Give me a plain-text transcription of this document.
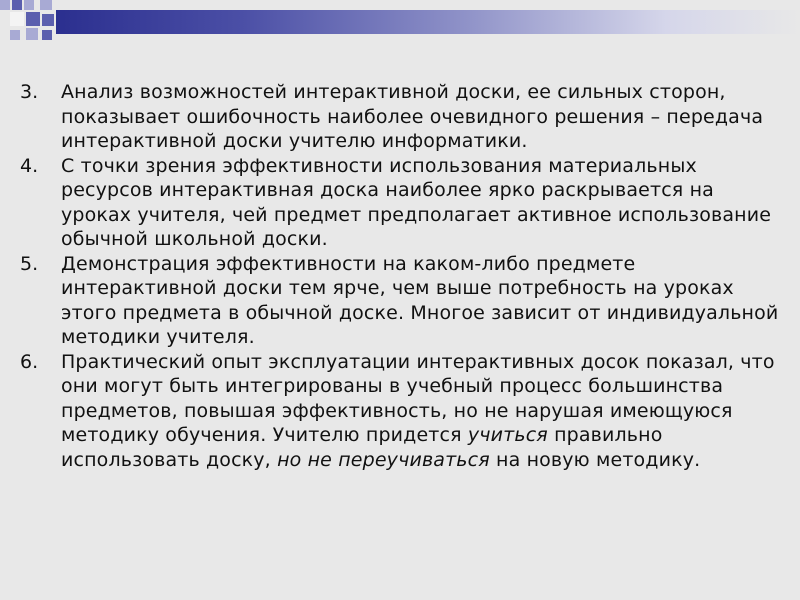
3.	Анализ возможностей интерактивной доски, ее сильных сторон, показывает ошибочность наиболее очевидного решения – передача интерактивной доски учителю информатики.
4.	С точки зрения эффективности использования материальных ресурсов интерактивная доска наиболее ярко раскрывается на уроках учителя, чей предмет предполагает активное использование обычной школьной доски.
5.	Демонстрация эффективности на каком-либо предмете интерактивной доски тем ярче, чем выше потребность на уроках этого предмета в обычной доске. Многое зависит от индивидуальной методики учителя.
6.	Практический опыт эксплуатации интерактивных досок показал, что они могут быть интегрированы в учебный процесс большинства предметов, повышая эффективность, но не нарушая имеющуюся методику обучения. Учителю придется учиться правильно использовать доску, но не переучиваться на новую методику.
